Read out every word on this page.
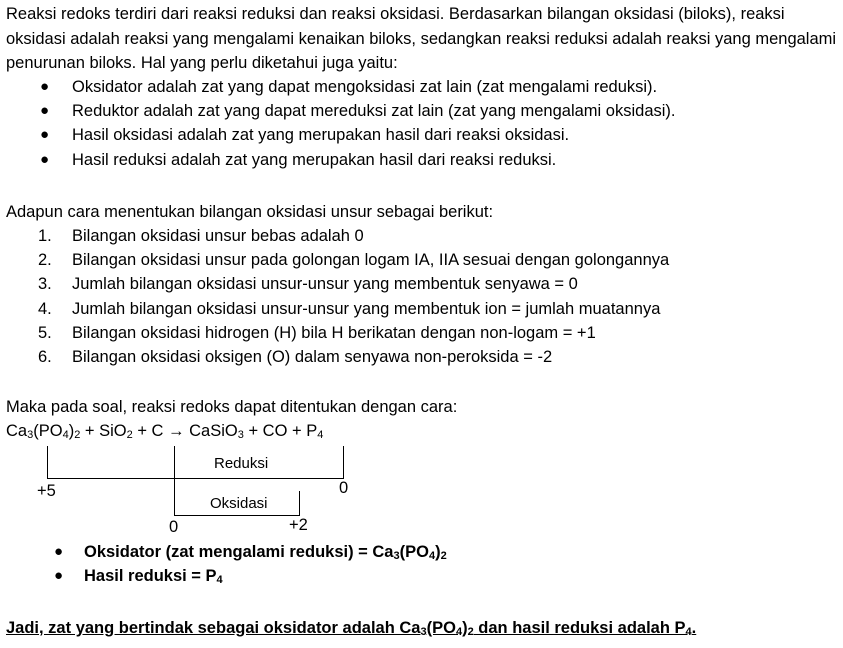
Reaksi redoks terdiri dari reaksi reduksi dan reaksi oksidasi. Berdasarkan bilangan oksidasi (biloks), reaksi oksidasi adalah reaksi yang mengalami kenaikan biloks, sedangkan reaksi reduksi adalah reaksi yang mengalami penurunan biloks. Hal yang perlu diketahui juga yaitu:

● Oksidator adalah zat yang dapat mengoksidasi zat lain (zat mengalami reduksi).
● Reduktor adalah zat yang dapat mereduksi zat lain (zat yang mengalami oksidasi).
● Hasil oksidasi adalah zat yang merupakan hasil dari reaksi oksidasi.
● Hasil reduksi adalah zat yang merupakan hasil dari reaksi reduksi.
Adapun cara menentukan bilangan oksidasi unsur sebagai berikut:
1. Bilangan oksidasi unsur bebas adalah 0
2. Bilangan oksidasi unsur pada golongan logam IA, IIA sesuai dengan golongannya
3. Jumlah bilangan oksidasi unsur-unsur yang membentuk senyawa = 0
4. Jumlah bilangan oksidasi unsur-unsur yang membentuk ion = jumlah muatannya
5. Bilangan oksidasi hidrogen (H) bila H berikatan dengan non-logam = +1
6. Bilangan oksidasi oksigen (O) dalam senyawa non-peroksida = -2
Maka pada soal, reaksi redoks dapat ditentukan dengan cara:
$Ca_3(PO_4)_2 + SiO_2 + C$ → CaSiO$_3$ + CO + $P_4$
Reduksi
+5	0
Oksidasi
0	+2
● Oksidator (zat mengalami reduksi) = $Ca_3(PO_4)_2$
● Hasil reduksi = $P_4$
Jadi, zat yang bertindak sebagai oksidator adalah $Ca_3(PO_4)_2$ dan hasil reduksi adalah $P_4$.
